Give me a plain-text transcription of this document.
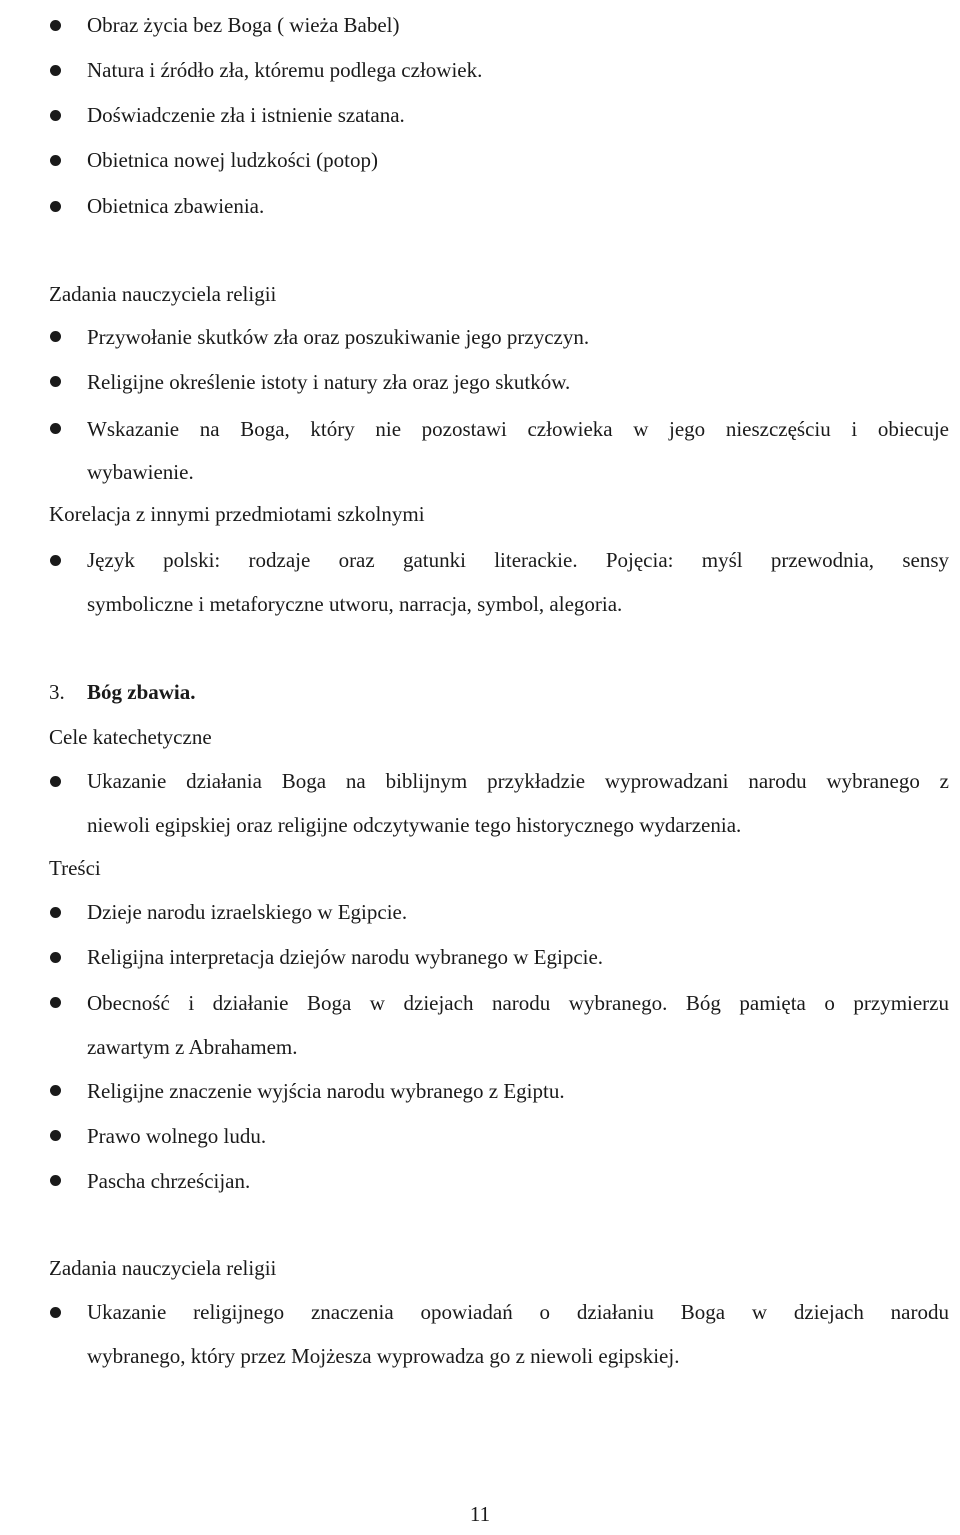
Obraz życia bez Boga ( wieża Babel)
Natura i źródło zła, któremu podlega człowiek.
Doświadczenie zła i istnienie szatana.
Obietnica nowej ludzkości (potop)
Obietnica zbawienia.
Zadania nauczyciela religii
Przywołanie skutków zła oraz poszukiwanie jego przyczyn.
Religijne określenie istoty i natury zła oraz jego skutków.
Wskazanie na Boga, który nie pozostawi człowieka w jego nieszczęściu i obiecuje
wybawienie.
Korelacja z innymi przedmiotami szkolnymi
Język polski: rodzaje oraz gatunki literackie. Pojęcia: myśl przewodnia, sensy
symboliczne i metaforyczne utworu, narracja, symbol, alegoria.
3. Bóg zbawia.
Cele katechetyczne
Ukazanie działania Boga na biblijnym przykładzie wyprowadzani narodu wybranego z
niewoli egipskiej oraz religijne odczytywanie tego historycznego wydarzenia.
Treści
Dzieje narodu izraelskiego w Egipcie.
Religijna interpretacja dziejów narodu wybranego w Egipcie.
Obecność i działanie Boga w dziejach narodu wybranego. Bóg pamięta o przymierzu
zawartym z Abrahamem.
Religijne znaczenie wyjścia narodu wybranego z Egiptu.
Prawo wolnego ludu.
Pascha chrześcijan.
Zadania nauczyciela religii
Ukazanie religijnego znaczenia opowiadań o działaniu Boga w dziejach narodu
wybranego, który przez Mojżesza wyprowadza go z niewoli egipskiej.
11
